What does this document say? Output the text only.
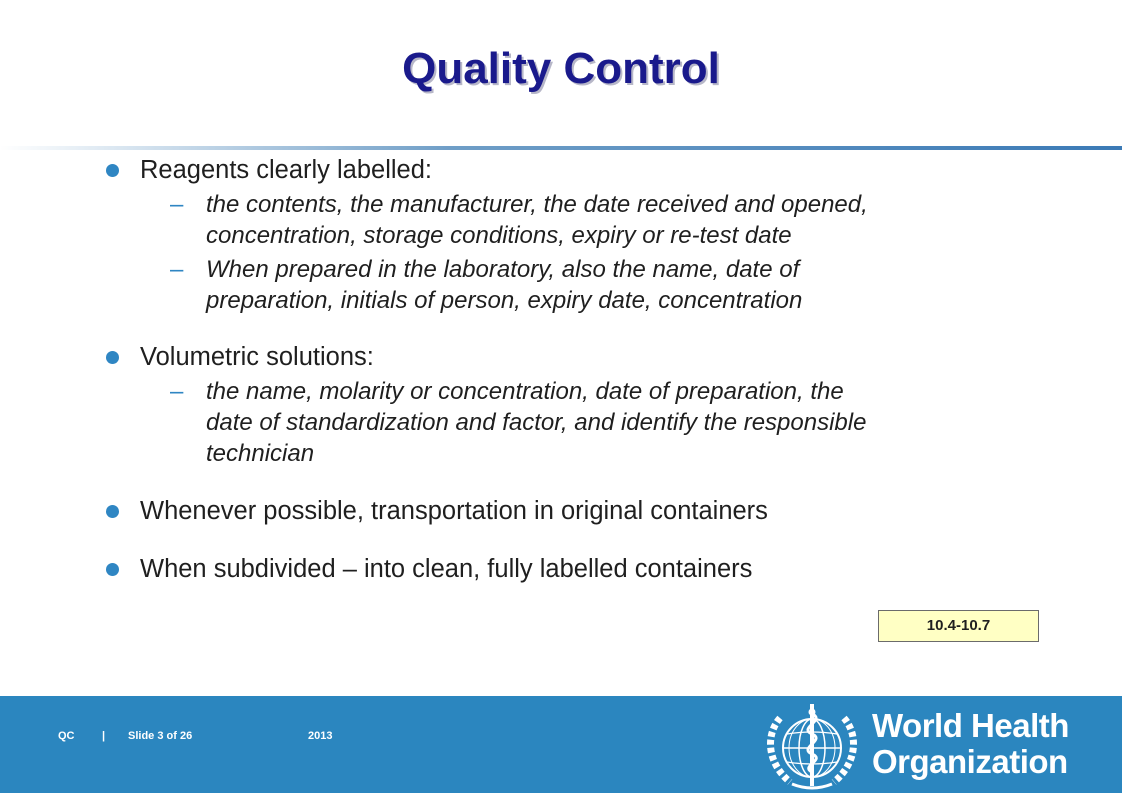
Quality Control
Reagents clearly labelled:
– the contents, the manufacturer, the date received and opened,
concentration, storage conditions, expiry or re-test date
– When prepared in the laboratory, also the name, date of
preparation, initials of person, expiry date, concentration
Volumetric solutions:
– the name, molarity or concentration, date of preparation, the
date of standardization and factor, and identify the responsible
technician
Whenever possible, transportation in original containers
When subdivided – into clean, fully labelled containers
10.4-10.7
QC	| Slide 3 of 26	2013	World Health
Organization
